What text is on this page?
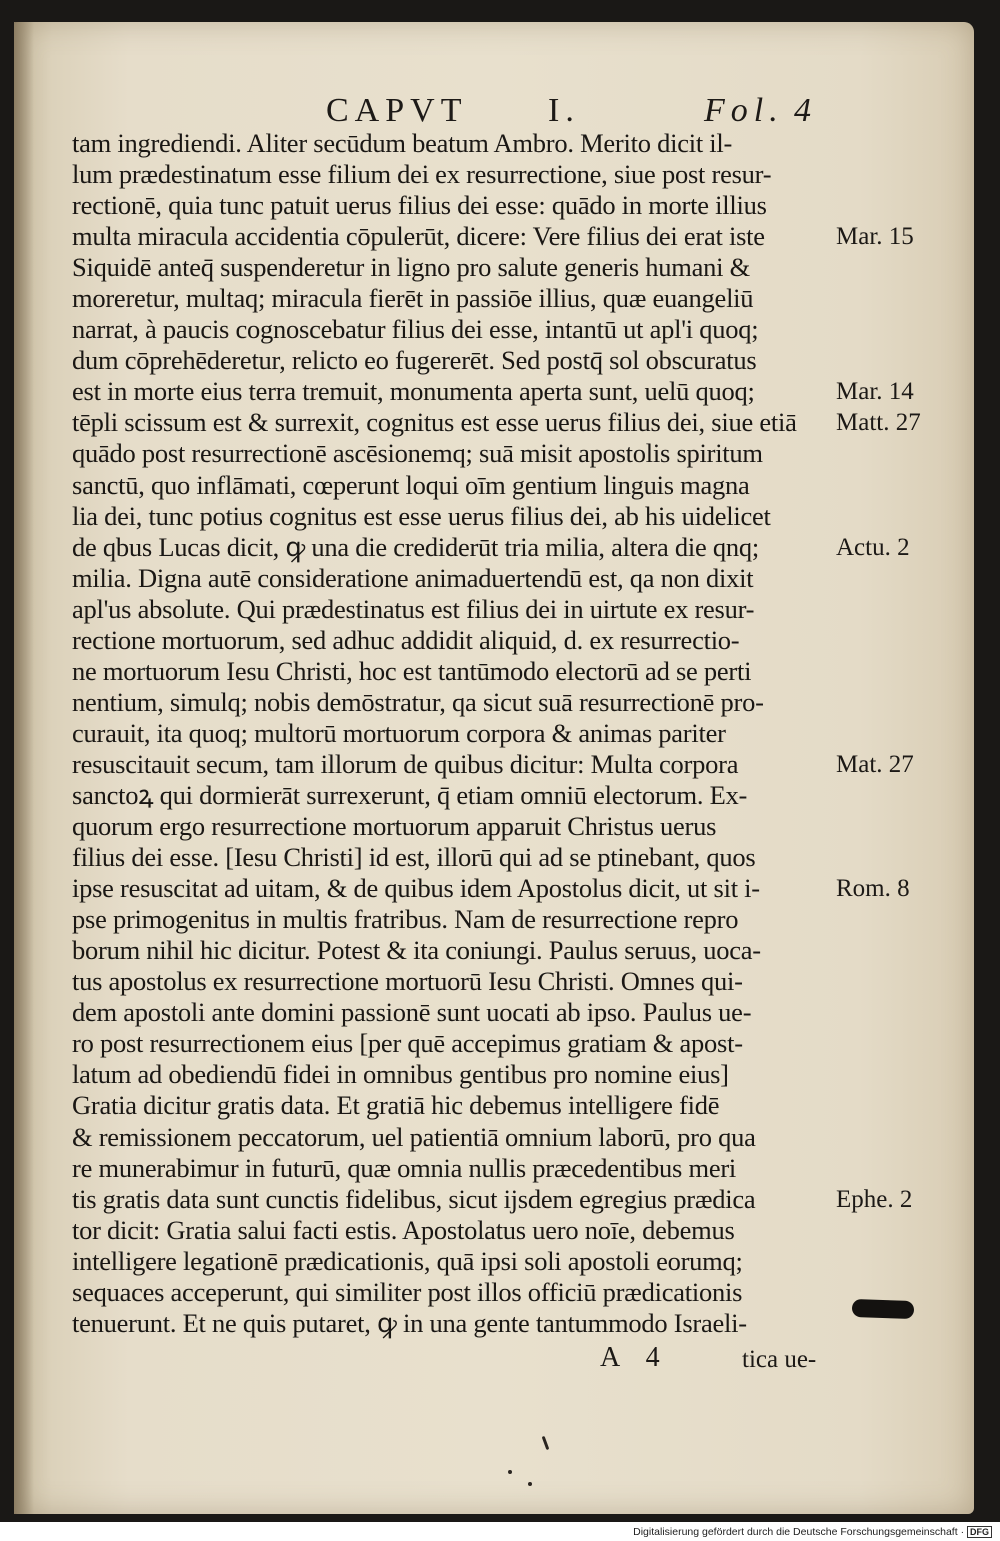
CAPVT I.	Fol. 4
tam ingrediendi. Aliter secūdum beatum Ambro. Merito dicit il-
lum prædestinatum esse filium dei ex resurrectione, siue post resur-
rectionē, quia tunc patuit uerus filius dei esse: quādo in morte illius
multa miracula accidentia cōpulerūt, dicere: Vere filius dei erat iste
Siquidē anteq̄ suspenderetur in ligno pro salute generis humani &
moreretur, multaq; miracula fierēt in passiōe illius, quæ euangeliū
narrat, à paucis cognoscebatur filius dei esse, intantū ut apl'i quoq;
dum cōprehēderetur, relicto eo fugererēt. Sed postq̄ sol obscuratus
est in morte eius terra tremuit, monumenta aperta sunt, uelū quoq;
tēpli scissum est & surrexit, cognitus est esse uerus filius dei, siue etiā
quādo post resurrectionē ascēsionemq; suā misit apostolis spiritum
sanctū, quo inflāmati, cœperunt loqui oīm gentium linguis magna
lia dei, tunc potius cognitus est esse uerus filius dei, ab his uidelicet
de qbus Lucas dicit, ꝙ una die crediderūt tria milia, altera die qnq;
milia. Digna autē consideratione animaduertendū est, qa non dixit
apl'us absolute. Qui prædestinatus est filius dei in uirtute ex resur-
rectione mortuorum, sed adhuc addidit aliquid, d. ex resurrectio-
ne mortuorum Iesu Christi, hoc est tantūmodo electorū ad se perti
nentium, simulq; nobis demōstratur, qa sicut suā resurrectionē pro-
curauit, ita quoq; multorū mortuorum corpora & animas pariter
resuscitauit secum, tam illorum de quibus dicitur: Multa corpora
sanctoꝝ qui dormierāt surrexerunt, q̄ etiam omniū electorum. Ex-
quorum ergo resurrectione mortuorum apparuit Christus uerus
filius dei esse. [Iesu Christi] id est, illorū qui ad se ptinebant, quos
ipse resuscitat ad uitam, & de quibus idem Apostolus dicit, ut sit i-
pse primogenitus in multis fratribus. Nam de resurrectione repro
borum nihil hic dicitur. Potest & ita coniungi. Paulus seruus, uoca-
tus apostolus ex resurrectione mortuorū Iesu Christi. Omnes qui-
dem apostoli ante domini passionē sunt uocati ab ipso. Paulus ue-
ro post resurrectionem eius [per quē accepimus gratiam & apost-
latum ad obediendū fidei in omnibus gentibus pro nomine eius]
Gratia dicitur gratis data. Et gratiā hic debemus intelligere fidē
& remissionem peccatorum, uel patientiā omnium laborū, pro qua
re munerabimur in futurū, quæ omnia nullis præcedentibus meri
tis gratis data sunt cunctis fidelibus, sicut ijsdem egregius prædica
tor dicit: Gratia salui facti estis. Apostolatus uero noīe, debemus
intelligere legationē prædicationis, quā ipsi soli apostoli eorumq;
sequaces acceperunt, qui similiter post illos officiū prædicationis
tenuerunt. Et ne quis putaret, ꝙ in una gente tantummodo Israeli-
Mar. 15
Mar. 14
Matt. 27
Actu. 2
Mat. 27
Rom. 8
Ephe. 2
A 4	tica ue-
Digitalisierung gefördert durch die Deutsche Forschungsgemeinschaft · DFG
